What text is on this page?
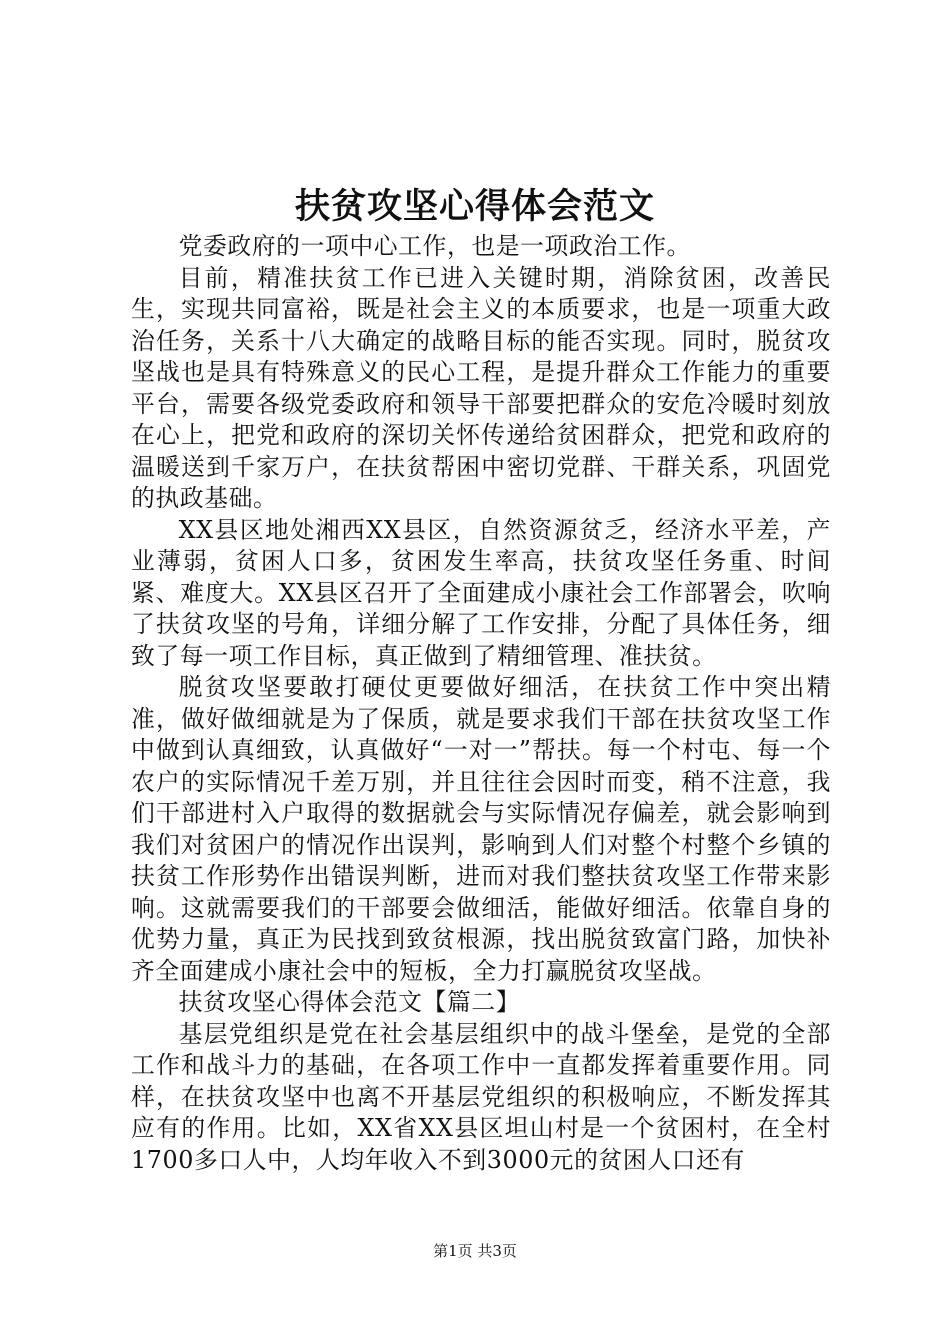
扶贫攻坚心得体会范文

党委政府的一项中心工作，也是一项政治工作。

目前，精准扶贫工作已进入关键时期，消除贫困，改善民生，实现共同富裕，既是社会主义的本质要求，也是一项重大政治任务，关系十八大确定的战略目标的能否实现。同时，脱贫攻坚战也是具有特殊意义的民心工程，是提升群众工作能力的重要平台，需要各级党委政府和领导干部要把群众的安危冷暖时刻放在心上，把党和政府的深切关怀传递给贫困群众，把党和政府的温暖送到千家万户，在扶贫帮困中密切党群、干群关系，巩固党的执政基础。

XX县区地处湘西XX县区，自然资源贫乏，经济水平差，产业薄弱，贫困人口多，贫困发生率高，扶贫攻坚任务重、时间紧、难度大。XX县区召开了全面建成小康社会工作部署会，吹响了扶贫攻坚的号角，详细分解了工作安排，分配了具体任务，细致了每一项工作目标，真正做到了精细管理、准扶贫。

脱贫攻坚要敢打硬仗更要做好细活，在扶贫工作中突出精准，做好做细就是为了保质，就是要求我们干部在扶贫攻坚工作中做到认真细致，认真做好“一对一”帮扶。每一个村屯、每一个农户的实际情况千差万别，并且往往会因时而变，稍不注意，我们干部进村入户取得的数据就会与实际情况存偏差，就会影响到我们对贫困户的情况作出误判，影响到人们对整个村整个乡镇的扶贫工作形势作出错误判断，进而对我们整扶贫攻坚工作带来影响。这就需要我们的干部要会做细活，能做好细活。依靠自身的优势力量，真正为民找到致贫根源，找出脱贫致富门路，加快补齐全面建成小康社会中的短板，全力打赢脱贫攻坚战。

扶贫攻坚心得体会范文【篇二】

基层党组织是党在社会基层组织中的战斗堡垒，是党的全部工作和战斗力的基础，在各项工作中一直都发挥着重要作用。同样，在扶贫攻坚中也离不开基层党组织的积极响应，不断发挥其应有的作用。比如，XX省XX县区坦山村是一个贫困村，在全村1700多口人中，人均年收入不到3000元的贫困人口还有

第1页 共3页
